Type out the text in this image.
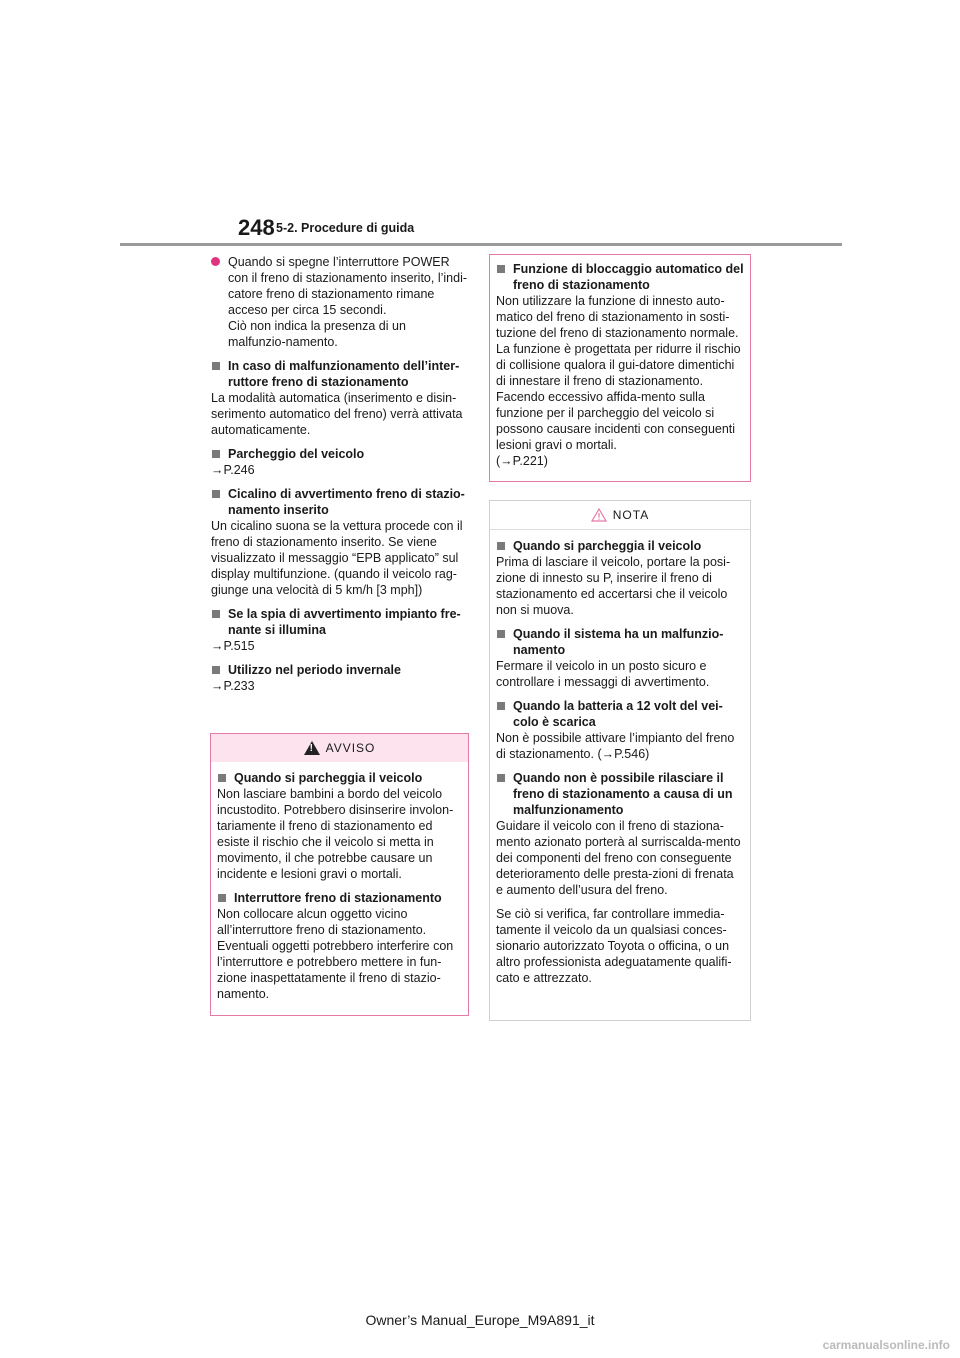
248 5-2. Procedure di guida
Quando si spegne l’interruttore POWER con il freno di stazionamento inserito, l’indi-catore freno di stazionamento rimane acceso per circa 15 secondi.
Ciò non indica la presenza di un malfunzio-namento.
In caso di malfunzionamento dell’inter-ruttore freno di stazionamento

La modalità automatica (inserimento e disin-serimento automatico del freno) verrà attivata automaticamente.

Parcheggio del veicolo
→P.246
Cicalino di avvertimento freno di stazio-namento inserito

Un cicalino suona se la vettura procede con il freno di stazionamento inserito. Se viene visualizzato il messaggio “EPB applicato” sul display multifunzione. (quando il veicolo rag-giunge una velocità di 5 km/h [3 mph])

Se la spia di avvertimento impianto fre-nante si illumina
→P.515
Utilizzo nel periodo invernale
→P.233
!
AVVISO
Quando si parcheggia il veicolo

Non lasciare bambini a bordo del veicolo incustodito. Potrebbero disinserire involon-tariamente il freno di stazionamento ed esiste il rischio che il veicolo si metta in movimento, il che potrebbe causare un incidente e lesioni gravi o mortali.

Interruttore freno di stazionamento

Non collocare alcun oggetto vicino all’interruttore freno di stazionamento. Eventuali oggetti potrebbero interferire con l’interruttore e potrebbero mettere in fun-zione inaspettatamente il freno di stazio-namento.

Funzione di bloccaggio automatico del freno di stazionamento

Non utilizzare la funzione di innesto auto-matico del freno di stazionamento in sosti-tuzione del freno di stazionamento normale. La funzione è progettata per ridurre il rischio di collisione qualora il gui-datore dimentichi di innestare il freno di stazionamento. Facendo eccessivo affida-mento sulla funzione per il parcheggio del veicolo si possono causare incidenti con conseguenti lesioni gravi o mortali.
(→P.221)

NOTA
Quando si parcheggia il veicolo

Prima di lasciare il veicolo, portare la posi-zione di innesto su P, inserire il freno di stazionamento ed accertarsi che il veicolo non si muova.

Quando il sistema ha un malfunzio-namento

Fermare il veicolo in un posto sicuro e controllare i messaggi di avvertimento.

Quando la batteria a 12 volt del vei-colo è scarica

Non è possibile attivare l’impianto del freno di stazionamento. (→P.546)

Quando non è possibile rilasciare il freno di stazionamento a causa di un malfunzionamento

Guidare il veicolo con il freno di staziona-mento azionato porterà al surriscalda-mento dei componenti del freno con conseguente deterioramento delle presta-zioni di frenata e aumento dell’usura del freno.

Se ciò si verifica, far controllare immedia-tamente il veicolo da un qualsiasi conces-sionario autorizzato Toyota o officina, o un altro professionista adeguatamente qualifi-cato e attrezzato.

Owner’s Manual_Europe_M9A891_it
carmanualsonline.info
